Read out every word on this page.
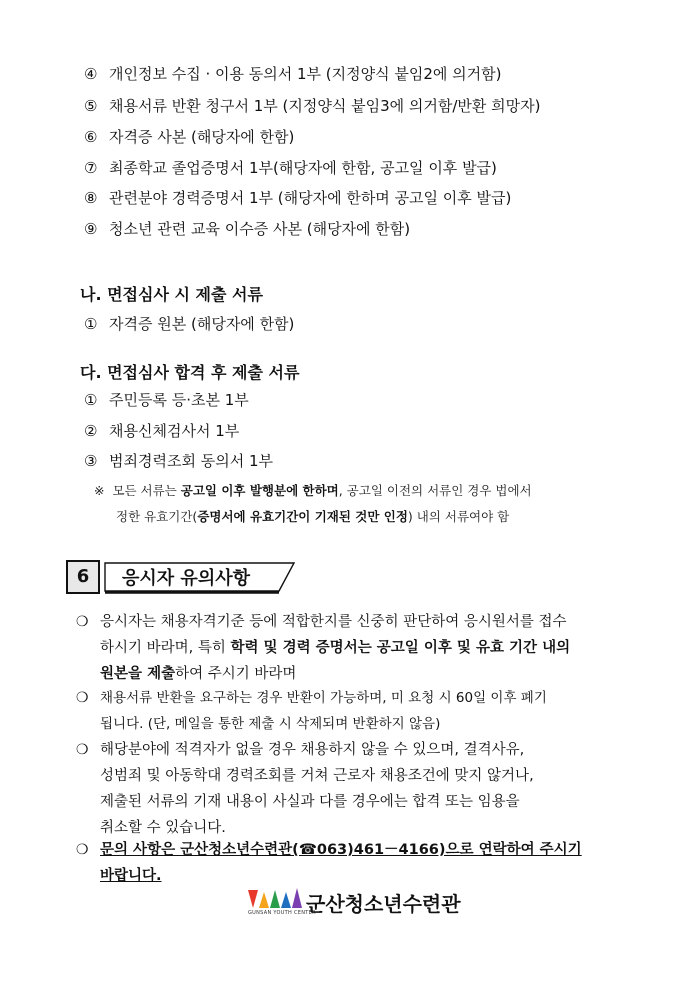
④ 개인정보 수집 · 이용 동의서 1부 (지정양식 붙임2에 의거함)
⑤ 채용서류 반환 청구서 1부 (지정양식 붙임3에 의거함/반환 희망자)
⑥ 자격증 사본 (해당자에 한함)
⑦ 최종학교 졸업증명서 1부(해당자에 한함, 공고일 이후 발급)
⑧ 관련분야 경력증명서 1부 (해당자에 한하며 공고일 이후 발급)
⑨ 청소년 관련 교육 이수증 사본 (해당자에 한함)
나. 면접심사 시 제출 서류
① 자격증 원본 (해당자에 한함)
다. 면접심사 합격 후 제출 서류
① 주민등록 등·초본 1부
② 채용신체검사서 1부
③ 범죄경력조회 동의서 1부
※ 모든 서류는 공고일 이후 발행분에 한하며, 공고일 이전의 서류인 경우 법에서
정한 유효기간(증명서에 유효기간이 기재된 것만 인정) 내의 서류여야 함
6	응시자 유의사항
❍ 응시자는 채용자격기준 등에 적합한지를 신중히 판단하여 응시원서를 접수
하시기 바라며, 특히 학력 및 경력 증명서는 공고일 이후 및 유효 기간 내의
원본을 제출하여 주시기 바라며
❍ 채용서류 반환을 요구하는 경우 반환이 가능하며, 미 요청 시 60일 이후 폐기
됩니다. (단, 메일을 통한 제출 시 삭제되며 반환하지 않음)
❍ 해당분야에 적격자가 없을 경우 채용하지 않을 수 있으며, 결격사유,
성범죄 및 아동학대 경력조회를 거쳐 근로자 채용조건에 맞지 않거나,
제출된 서류의 기재 내용이 사실과 다를 경우에는 합격 또는 임용을
취소할 수 있습니다.
❍ 문의 사항은 군산청소년수련관(☎063)461－4166)으로 연락하여 주시기
바랍니다.
GUNSAN YOUTH CENTER
군산청소년수련관
